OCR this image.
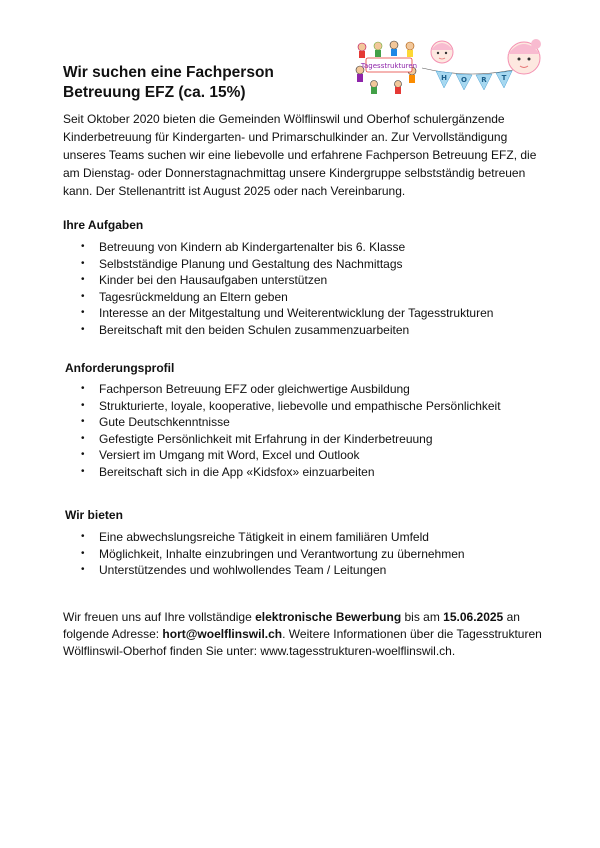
Tagesstrukturen
H O R T
Wir suchen eine Fachperson
Betreuung EFZ (ca. 15%)
Seit Oktober 2020 bieten die Gemeinden Wölflinswil und Oberhof schulergänzende Kinderbetreuung für Kindergarten- und Primarschulkinder an. Zur Vervollständigung unseres Teams suchen wir eine liebevolle und erfahrene Fachperson Betreuung EFZ, die am Dienstag- oder Donnerstagnachmittag unsere Kindergruppe selbstständig betreuen kann. Der Stellenantritt ist August 2025 oder nach Vereinbarung.
Ihre Aufgaben
• Betreuung von Kindern ab Kindergartenalter bis 6. Klasse
• Selbstständige Planung und Gestaltung des Nachmittags
• Kinder bei den Hausaufgaben unterstützen
• Tagesrückmeldung an Eltern geben
• Interesse an der Mitgestaltung und Weiterentwicklung der Tagesstrukturen
• Bereitschaft mit den beiden Schulen zusammenzuarbeiten
Anforderungsprofil
• Fachperson Betreuung EFZ oder gleichwertige Ausbildung
• Strukturierte, loyale, kooperative, liebevolle und empathische Persönlichkeit
• Gute Deutschkenntnisse
• Gefestigte Persönlichkeit mit Erfahrung in der Kinderbetreuung
• Versiert im Umgang mit Word, Excel und Outlook
• Bereitschaft sich in die App «Kidsfox» einzuarbeiten
Wir bieten
• Eine abwechslungsreiche Tätigkeit in einem familiären Umfeld
• Möglichkeit, Inhalte einzubringen und Verantwortung zu übernehmen
• Unterstützendes und wohlwollendes Team / Leitungen
Wir freuen uns auf Ihre vollständige elektronische Bewerbung bis am 15.06.2025 an folgende Adresse: hort@woelflinswil.ch. Weitere Informationen über die Tagesstrukturen Wölflinswil-Oberhof finden Sie unter: www.tagesstrukturen-woelflinswil.ch.
